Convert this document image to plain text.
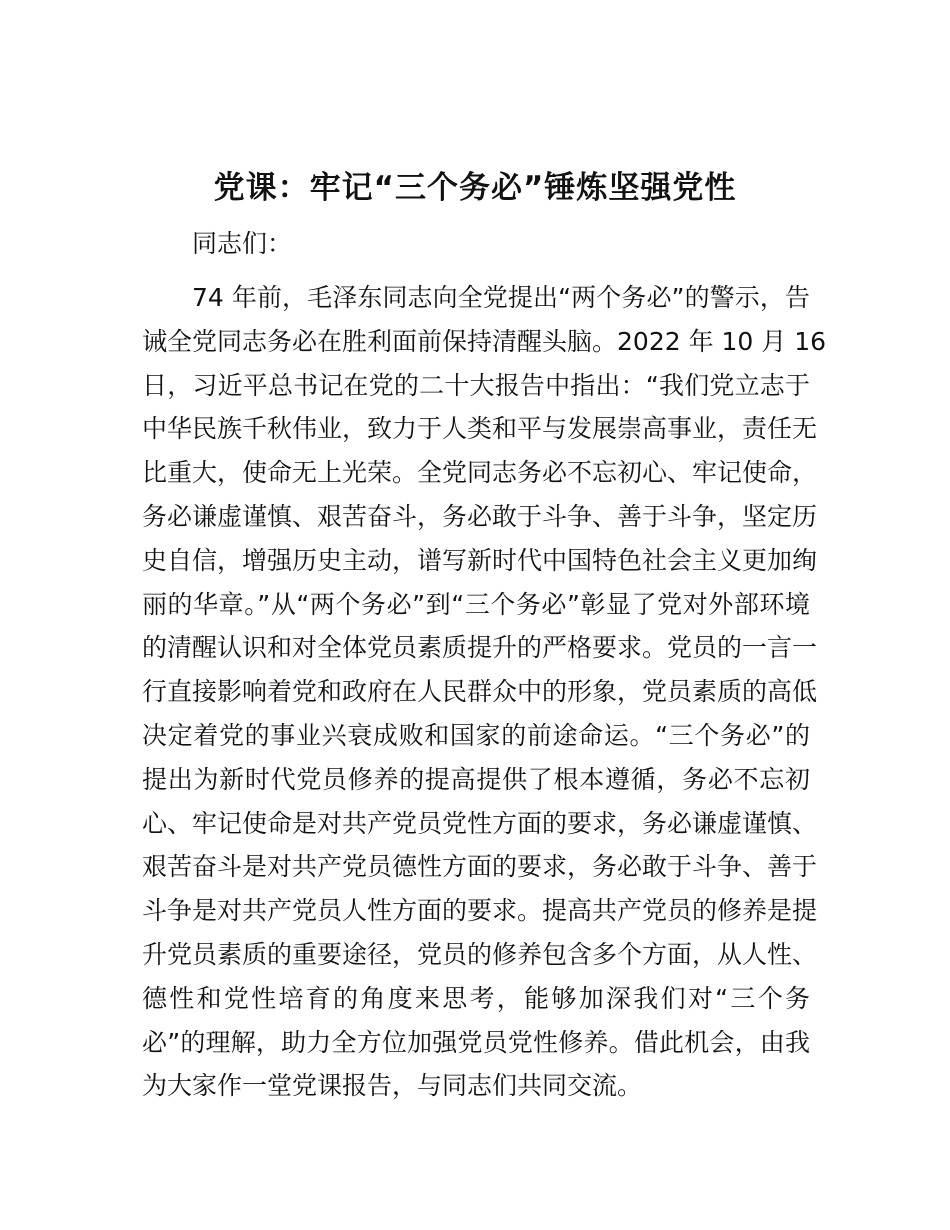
党课：牢记“三个务必”锤炼坚强党性

同志们：

74 年前，毛泽东同志向全党提出“两个务必”的警示，告
诫全党同志务必在胜利面前保持清醒头脑。2022 年 10 月 16
日，习近平总书记在党的二十大报告中指出：“我们党立志于
中华民族千秋伟业，致力于人类和平与发展崇高事业，责任无
比重大，使命无上光荣。全党同志务必不忘初心、牢记使命，
务必谦虚谨慎、艰苦奋斗，务必敢于斗争、善于斗争，坚定历
史自信，增强历史主动，谱写新时代中国特色社会主义更加绚
丽的华章。”从“两个务必”到“三个务必”彰显了党对外部环境
的清醒认识和对全体党员素质提升的严格要求。党员的一言一
行直接影响着党和政府在人民群众中的形象，党员素质的高低
决定着党的事业兴衰成败和国家的前途命运。“三个务必”的
提出为新时代党员修养的提高提供了根本遵循，务必不忘初
心、牢记使命是对共产党员党性方面的要求，务必谦虚谨慎、
艰苦奋斗是对共产党员德性方面的要求，务必敢于斗争、善于
斗争是对共产党员人性方面的要求。提高共产党员的修养是提
升党员素质的重要途径，党员的修养包含多个方面，从人性、
德性和党性培育的角度来思考，能够加深我们对“三个务
必”的理解，助力全方位加强党员党性修养。借此机会，由我
为大家作一堂党课报告，与同志们共同交流。
